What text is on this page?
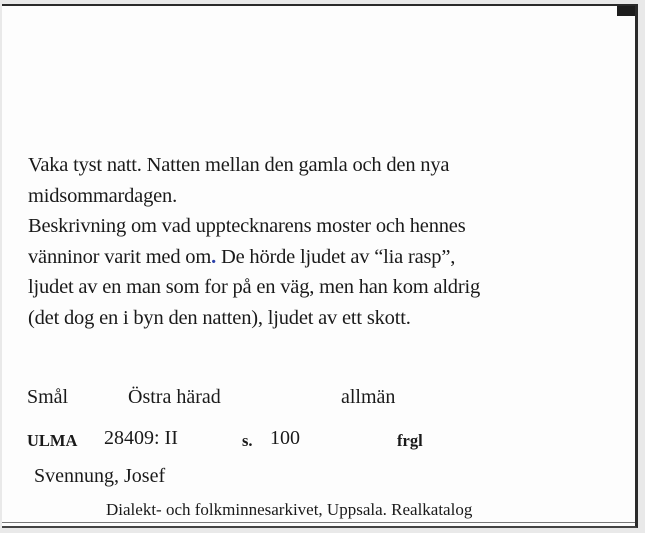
Vaka tyst natt. Natten mellan den gamla och den nya
midsommardagen.
Beskrivning om vad upptecknarens moster och hennes
vänninor varit med om. De hörde ljudet av “lia rasp”,
ljudet av en man som for på en väg, men han kom aldrig
(det dog en i byn den natten), ljudet av ett skott.
Smål	Östra härad	allmän
ULMA 28409: II	s. 100	frgl
Svennung, Josef
Dialekt- och folkminnesarkivet, Uppsala. Realkatalog
